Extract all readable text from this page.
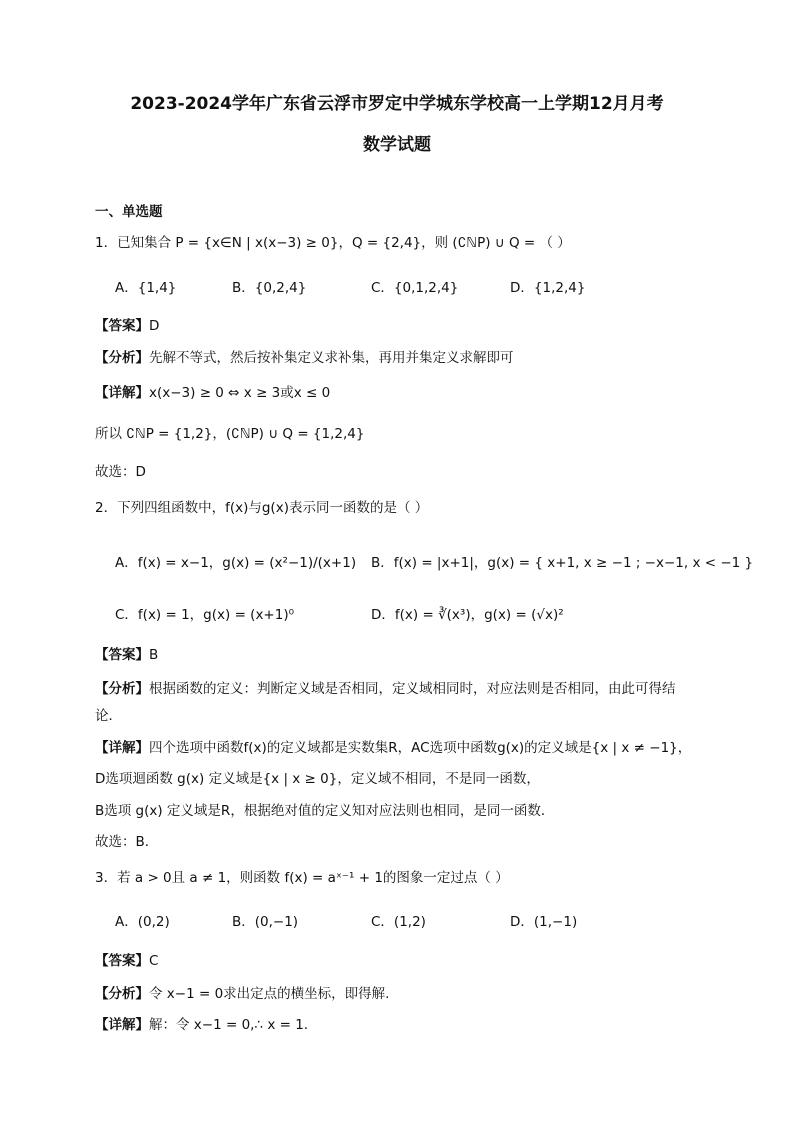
2023-2024学年广东省云浮市罗定中学城东学校高一上学期12月月考
数学试题
一、单选题
1．已知集合 P = {x∈N | x(x−3) ≥ 0}，Q = {2,4}，则 (∁ℕP) ∪ Q = （ ）
A．{1,4}	B．{0,2,4}	C．{0,1,2,4}	D．{1,2,4}
【答案】D
【分析】先解不等式，然后按补集定义求补集，再用并集定义求解即可
【详解】x(x−3) ≥ 0 ⇔ x ≥ 3或x ≤ 0
所以 ∁ℕP = {1,2}，(∁ℕP) ∪ Q = {1,2,4}
故选：D
2．下列四组函数中，f(x)与g(x)表示同一函数的是（ ）
A．f(x) = x−1，g(x) = (x²−1)/(x+1) B．f(x) = |x+1|，g(x) = { x+1, x ≥ −1 ; −x−1, x < −1 }
C．f(x) = 1，g(x) = (x+1)⁰	D．f(x) = ∛(x³)，g(x) = (√x)²
【答案】B
【分析】根据函数的定义：判断定义域是否相同，定义域相同时，对应法则是否相同，由此可得结
论．
【详解】四个选项中函数f(x)的定义域都是实数集R，AC选项中函数g(x)的定义域是{x | x ≠ −1}，
D选项迴函数 g(x) 定义域是{x | x ≥ 0}，定义域不相同，不是同一函数，
B选项 g(x) 定义域是R，根据绝对值的定义知对应法则也相同，是同一函数．
故选：B．
3．若 a > 0且 a ≠ 1，则函数 f(x) = aˣ⁻¹ + 1的图象一定过点（ ）
A．(0,2)	B．(0,−1)	C．(1,2)	D．(1,−1)
【答案】C
【分析】令 x−1 = 0求出定点的横坐标，即得解.
【详解】解：令 x−1 = 0,∴ x = 1.
